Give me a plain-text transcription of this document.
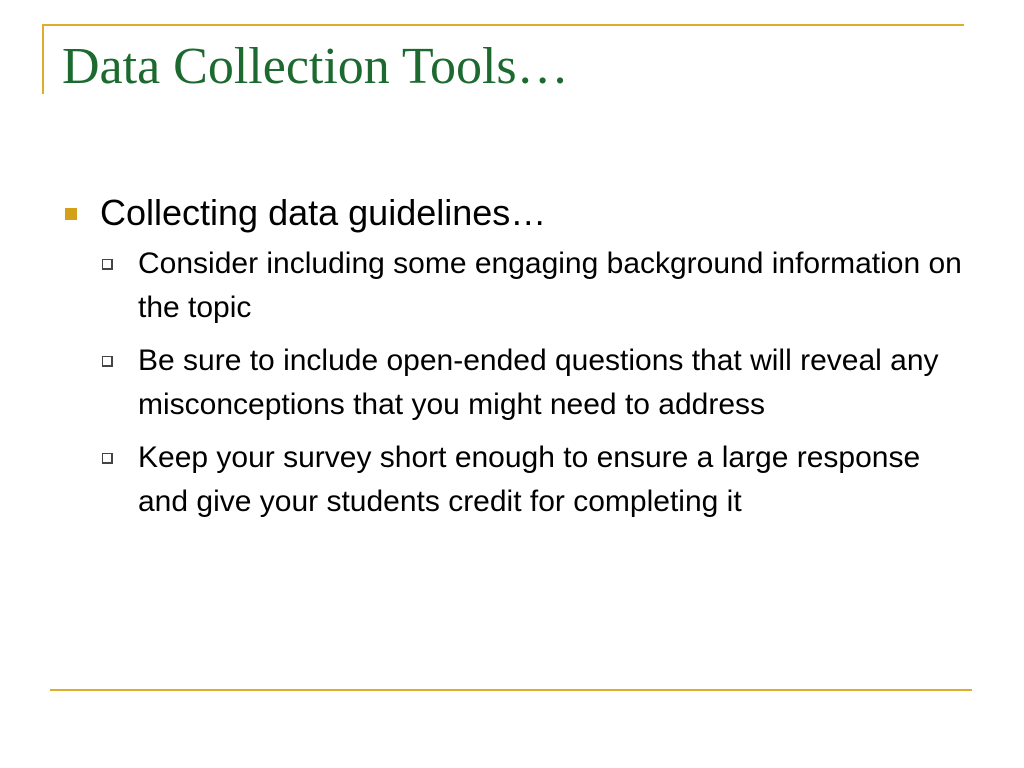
Data Collection Tools…
Collecting data guidelines…
Consider including some engaging background information on the topic
Be sure to include open-ended questions that will reveal any misconceptions that you might need to address
Keep your survey short enough to ensure a large response and give your students credit for completing it
